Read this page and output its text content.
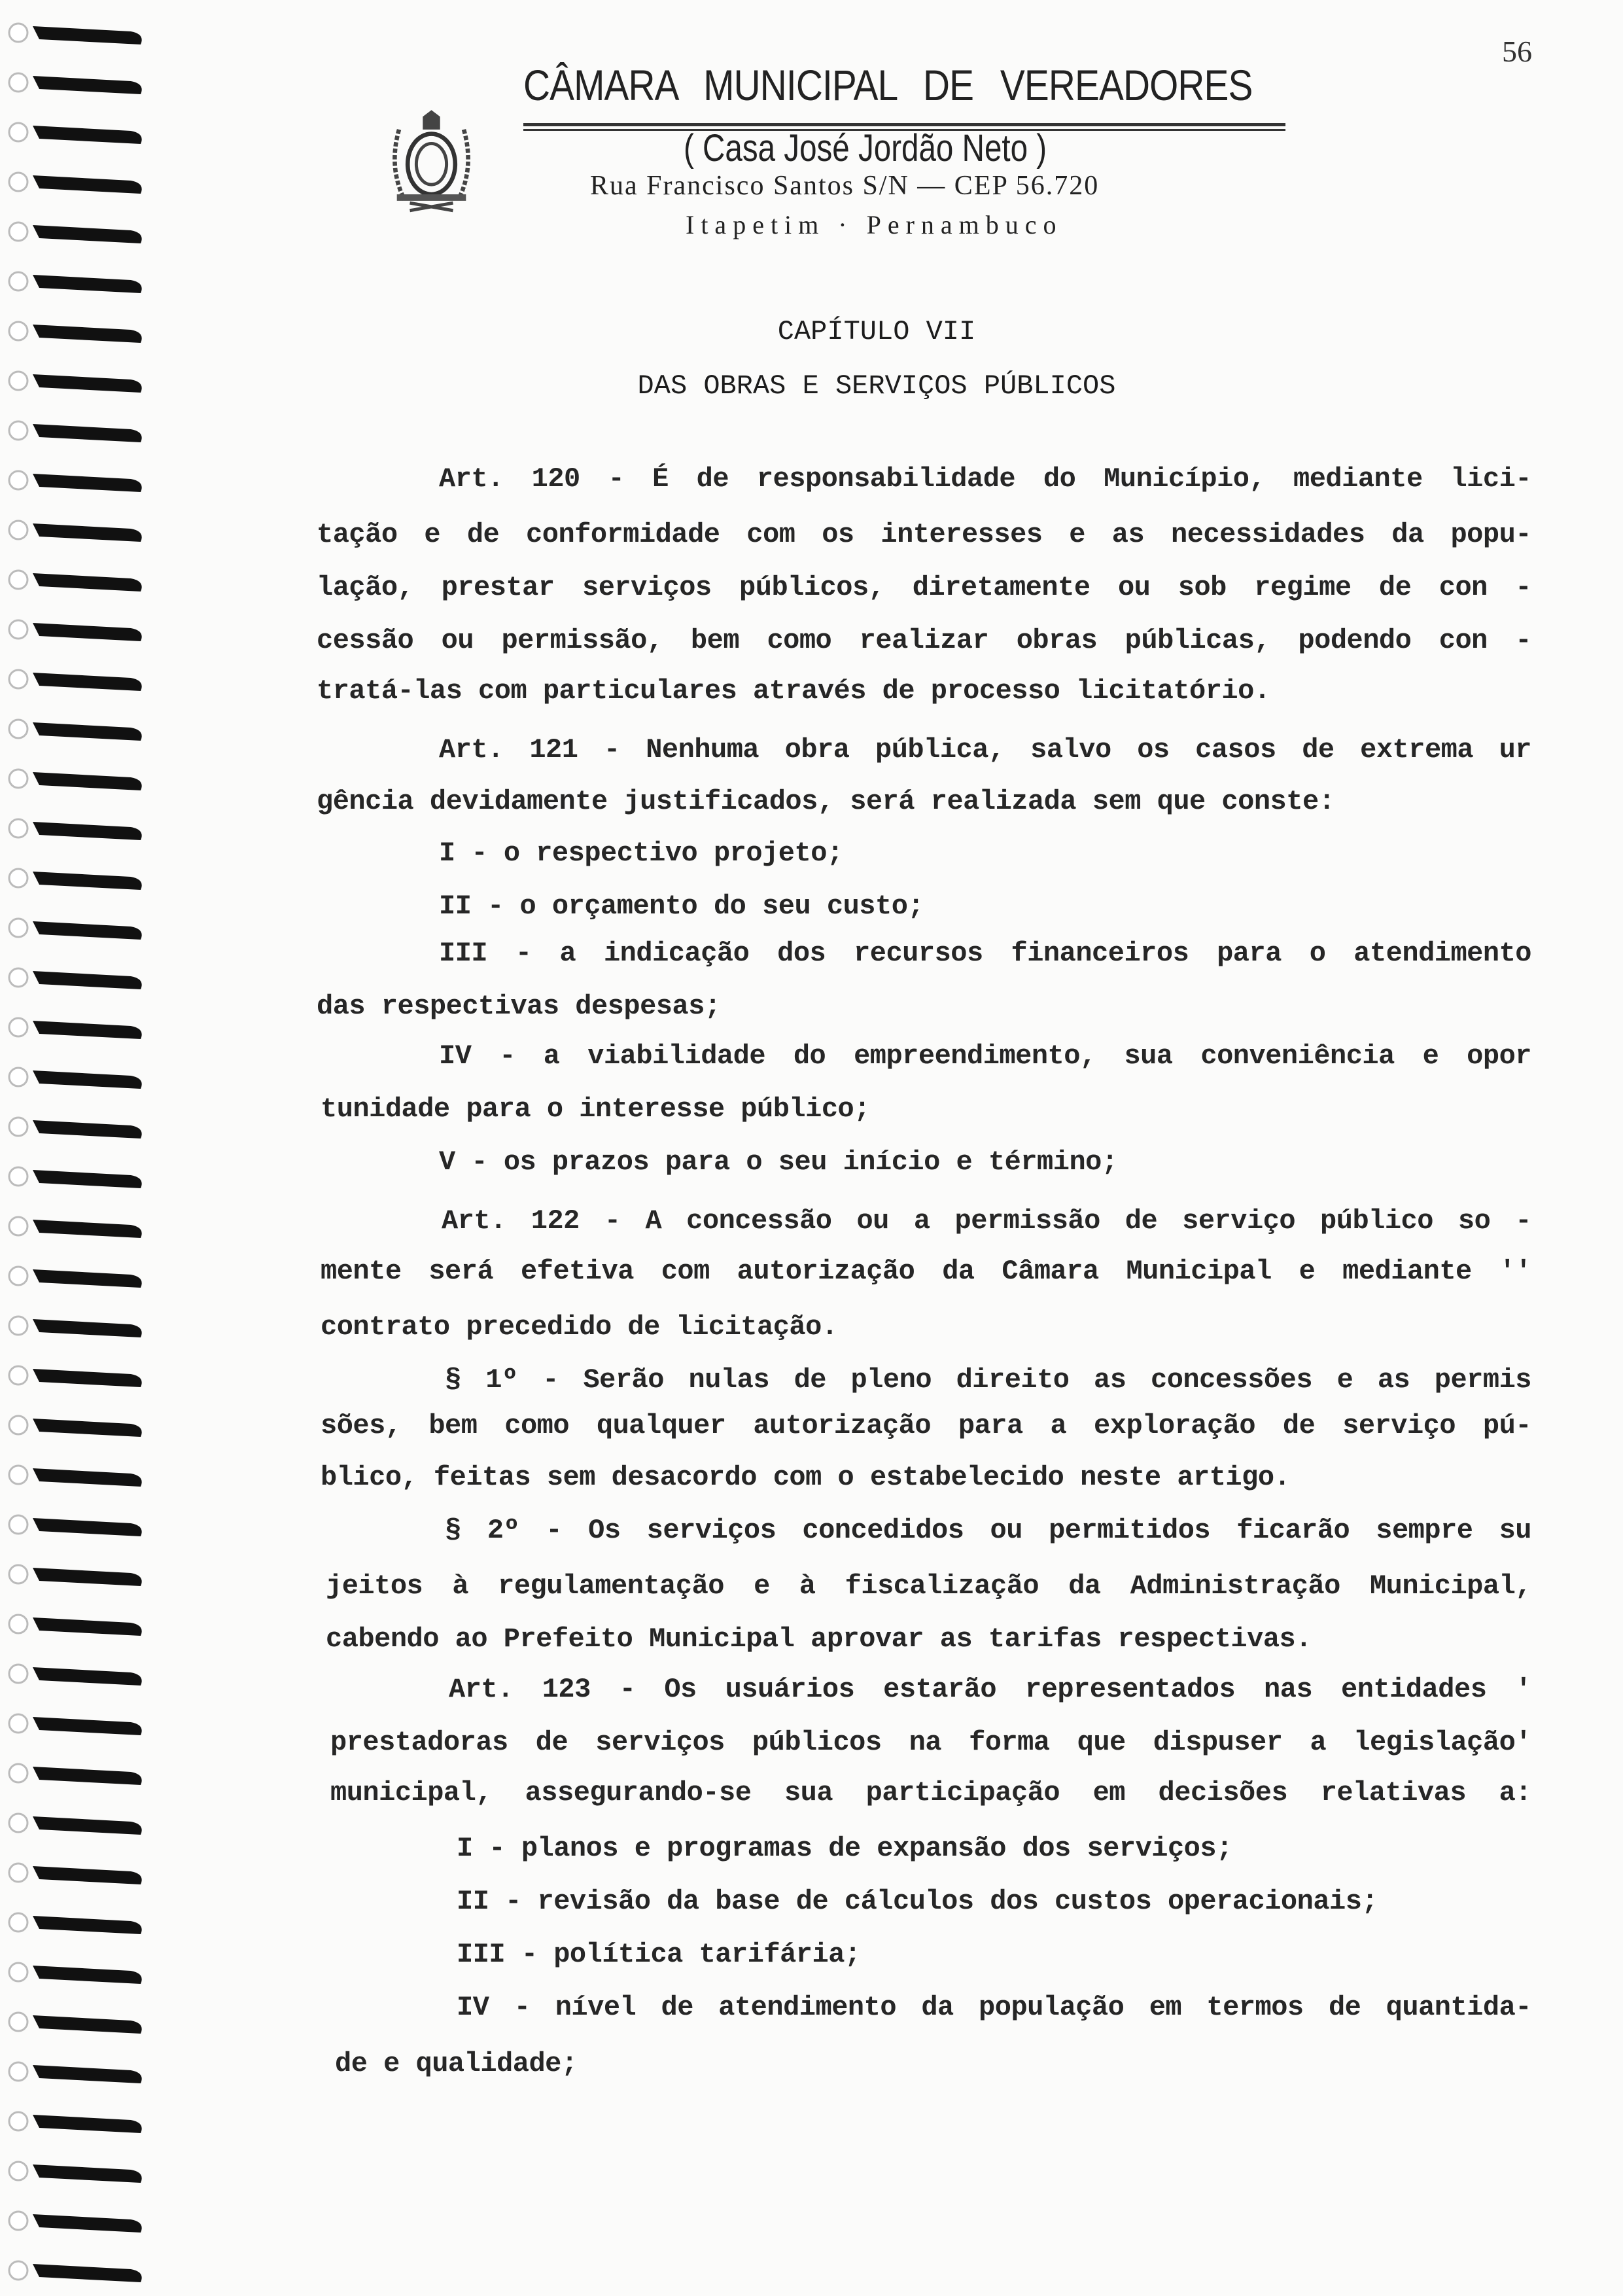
56
CÂMARA MUNICIPAL DE VEREADORES
( Casa José Jordão Neto )
Rua Francisco Santos S/N — CEP 56.720
Itapetim · Pernambuco
CAPÍTULO VII
DAS OBRAS E SERVIÇOS PÚBLICOS
Art. 120 - É de responsabilidade do Município, mediante lici-
tação e de conformidade com os interesses e as necessidades da popu-
lação, prestar serviços públicos, diretamente ou sob regime de con -
cessão ou permissão, bem como realizar obras públicas, podendo con -
tratá-las com particulares através de processo licitatório.
Art. 121 - Nenhuma obra pública, salvo os casos de extrema ur
gência devidamente justificados, será realizada sem que conste:
I - o respectivo projeto;
II - o orçamento do seu custo;
III - a indicação dos recursos financeiros para o atendimento
das respectivas despesas;
IV - a viabilidade do empreendimento, sua conveniência e opor
tunidade para o interesse público;
V - os prazos para o seu início e término;
Art. 122 - A concessão ou a permissão de serviço público so -
mente será efetiva com autorização da Câmara Municipal e mediante ''
contrato precedido de licitação.
§ 1º - Serão nulas de pleno direito as concessões e as permis
sões, bem como qualquer autorização para a exploração de serviço pú-
blico, feitas sem desacordo com o estabelecido neste artigo.
§ 2º - Os serviços concedidos ou permitidos ficarão sempre su
jeitos à regulamentação e à fiscalização da Administração Municipal,
cabendo ao Prefeito Municipal aprovar as tarifas respectivas.
Art. 123 - Os usuários estarão representados nas entidades '
prestadoras de serviços públicos na forma que dispuser a legislação'
municipal, assegurando-se sua participação em decisões relativas a:
I - planos e programas de expansão dos serviços;
II - revisão da base de cálculos dos custos operacionais;
III - política tarifária;
IV - nível de atendimento da população em termos de quantida-
de e qualidade;
